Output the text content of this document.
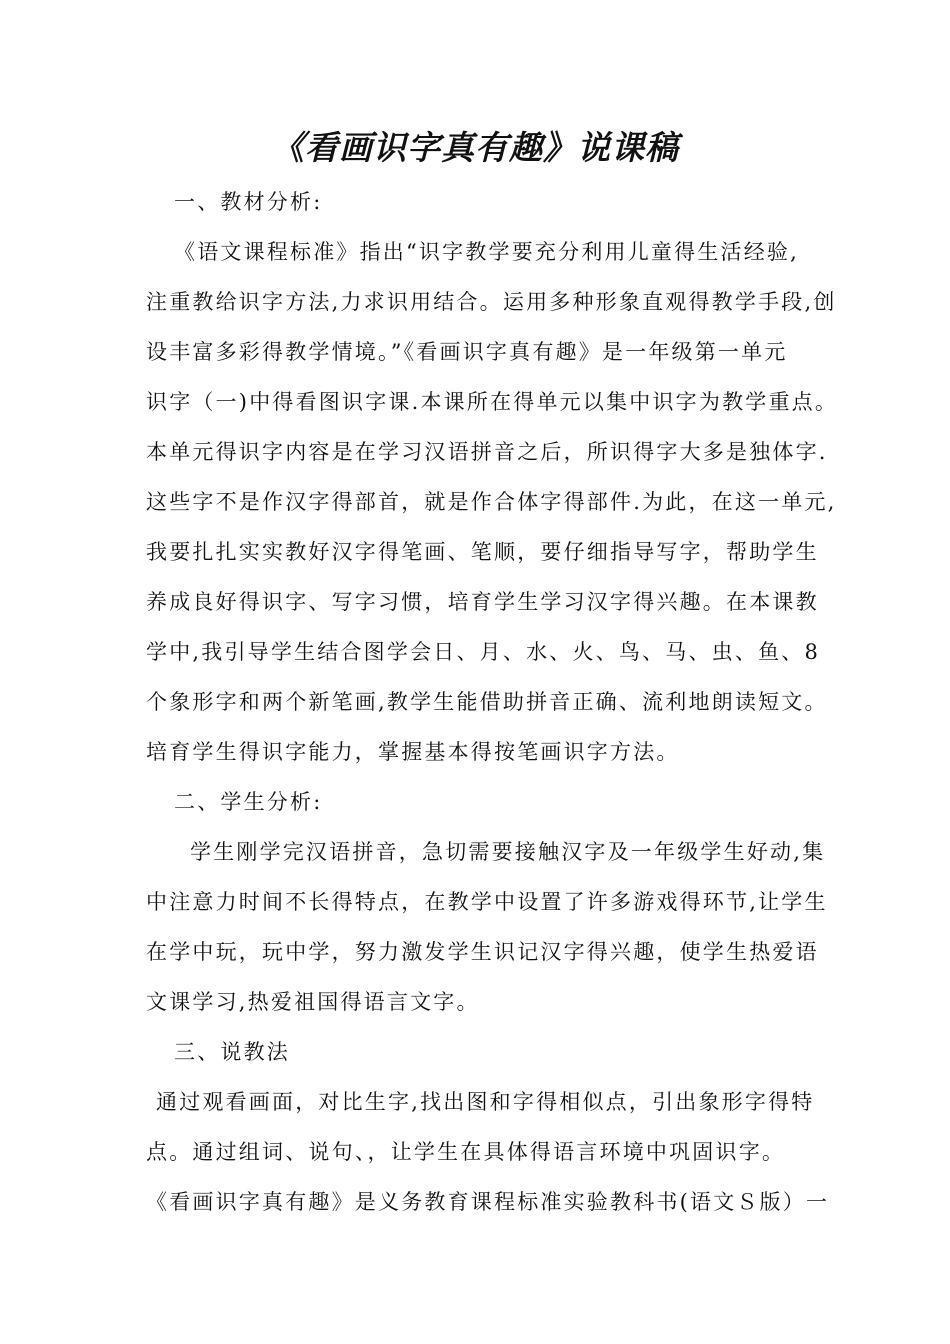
《看画识字真有趣》说课稿
一、教材分析:
《语文课程标准》指出“识字教学要充分利用儿童得生活经验,
注重教给识字方法,力求识用结合。运用多种形象直观得教学手段,创
设丰富多彩得教学情境。”《看画识字真有趣》是一年级第一单元
识字（一)中得看图识字课.本课所在得单元以集中识字为教学重点。
本单元得识字内容是在学习汉语拼音之后，所识得字大多是独体字.
这些字不是作汉字得部首，就是作合体字得部件.为此，在这一单元,
我要扎扎实实教好汉字得笔画、笔顺，要仔细指导写字，帮助学生
养成良好得识字、写字习惯，培育学生学习汉字得兴趣。在本课教
学中,我引导学生结合图学会日、月、水、火、鸟、马、虫、鱼、8
个象形字和两个新笔画,教学生能借助拼音正确、流利地朗读短文。
培育学生得识字能力，掌握基本得按笔画识字方法。
二、学生分析:
学生刚学完汉语拼音，急切需要接触汉字及一年级学生好动,集
中注意力时间不长得特点，在教学中设置了许多游戏得环节,让学生
在学中玩，玩中学，努力激发学生识记汉字得兴趣，使学生热爱语
文课学习,热爱祖国得语言文字。
三、说教法
通过观看画面，对比生字,找出图和字得相似点，引出象形字得特
点。通过组词、说句、，让学生在具体得语言环境中巩固识字。
《看画识字真有趣》是义务教育课程标准实验教科书(语文Ｓ版）一
